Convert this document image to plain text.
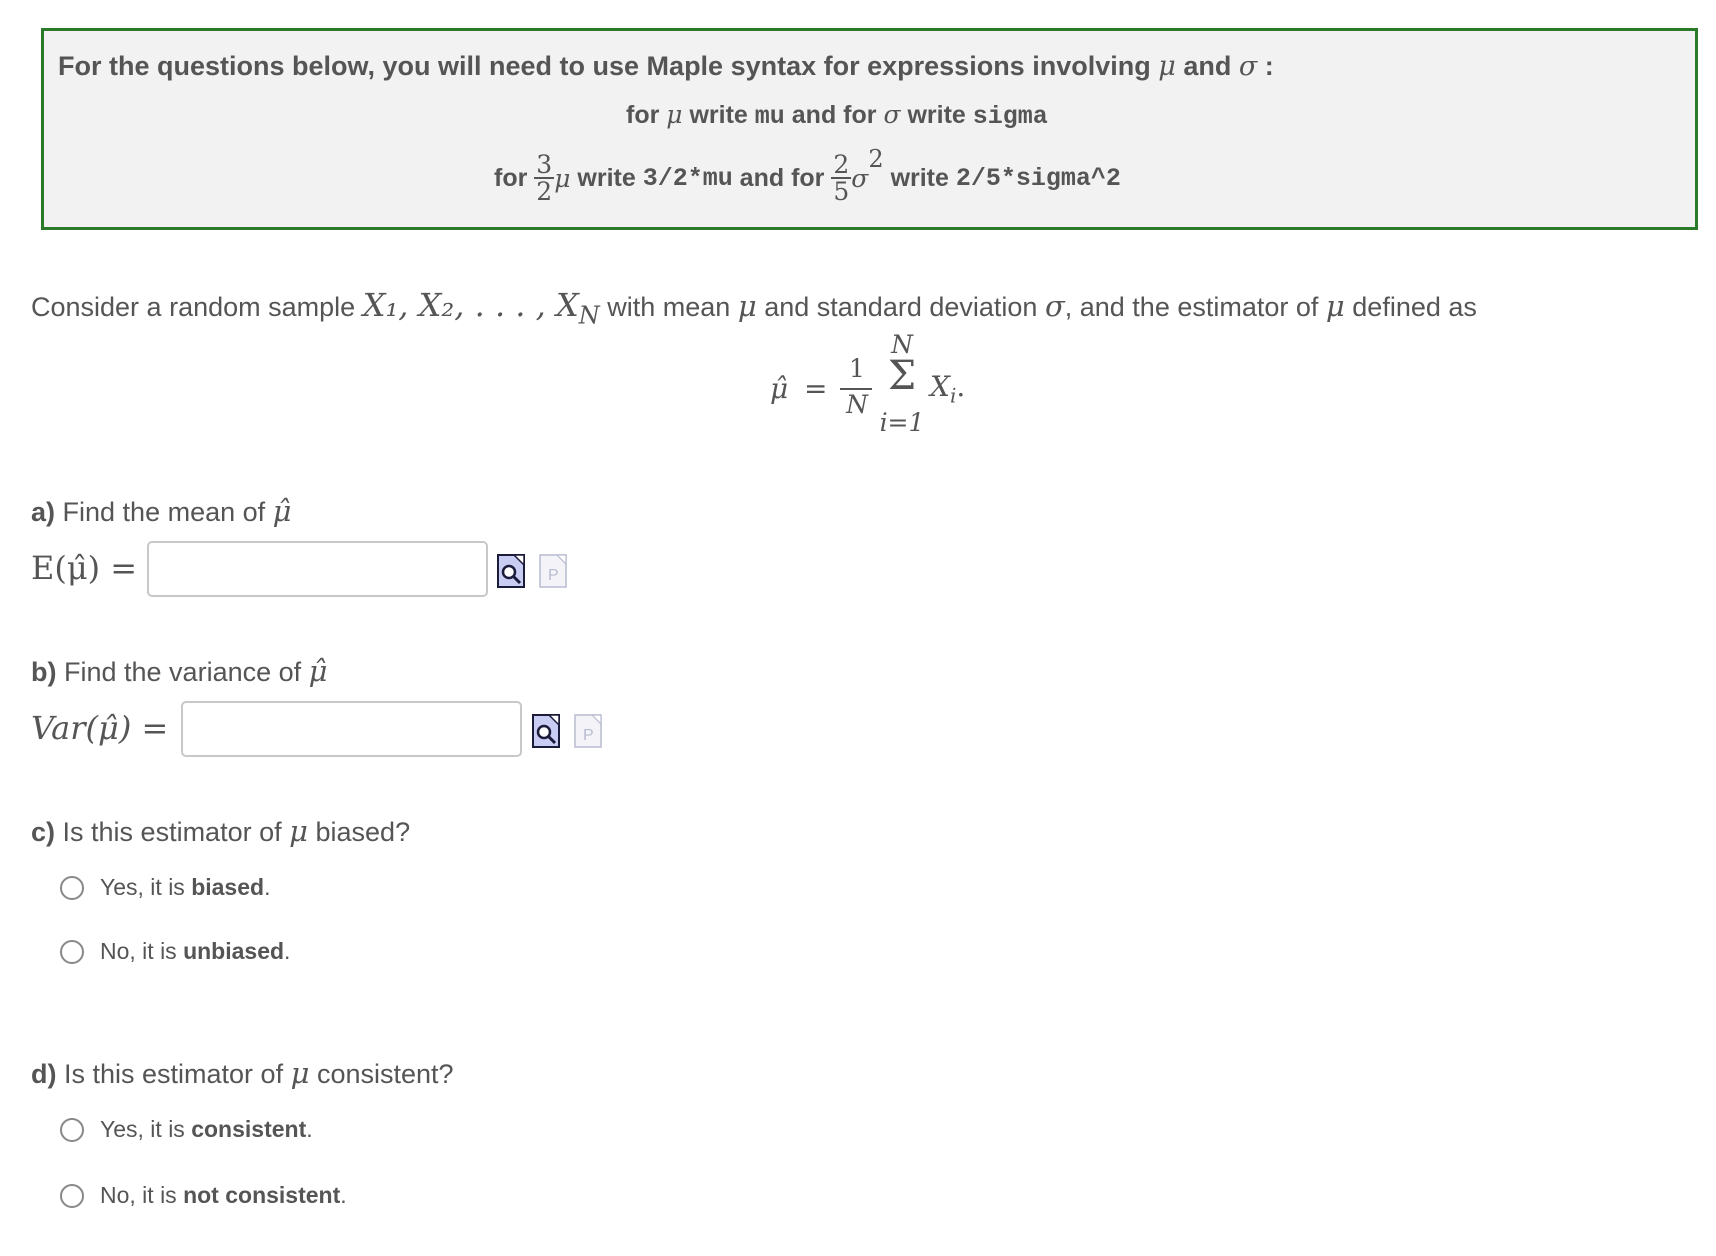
For the questions below, you will need to use Maple syntax for expressions involving μ and σ :
for μ write mu and for σ write sigma
for $\frac{3}{2}$ μ write 3/2*mu and for $\frac{2}{5} \sigma^2$ write 2/5*sigma^2
Consider a random sample X₁, X₂, . . . , $X_N$ with mean μ and standard deviation σ, and the estimator of μ defined as
μ̂ =
1
N
N
Σ
i=1
$X_i$.
a) Find the mean of μ̂
E(μ̂) =	P
b) Find the variance of μ̂
Var(μ̂) =	P
c) Is this estimator of μ biased?
Yes, it is biased .
No, it is unbiased .
d) Is this estimator of μ consistent?
Yes, it is consistent .
No, it is not consistent .
